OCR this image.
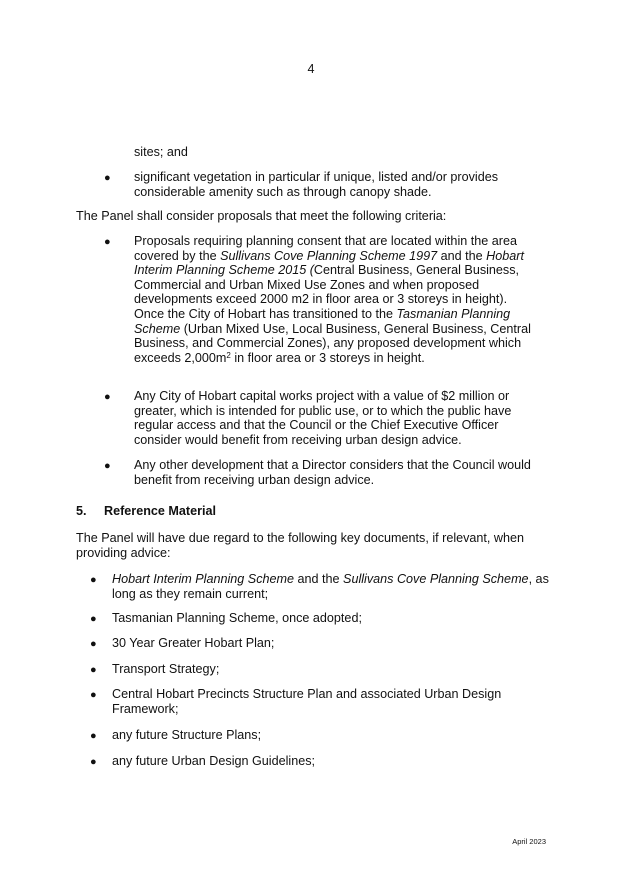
4
sites; and
● significant vegetation in particular if unique, listed and/or provides considerable amenity such as through canopy shade.

The Panel shall consider proposals that meet the following criteria:

● Proposals requiring planning consent that are located within the area covered by the Sullivans Cove Planning Scheme 1997 and the Hobart Interim Planning Scheme 2015 (Central Business, General Business, Commercial and Urban Mixed Use Zones and when proposed developments exceed 2000 m2 in floor area or 3 storeys in height). Once the City of Hobart has transitioned to the Tasmanian Planning Scheme (Urban Mixed Use, Local Business, General Business, Central Business, and Commercial Zones), any proposed development which exceeds $2,000m^2$ in floor area or 3 storeys in height.
● Any City of Hobart capital works project with a value of $2 million or greater, which is intended for public use, or to which the public have regular access and that the Council or the Chief Executive Officer consider would benefit from receiving urban design advice.
● Any other development that a Director considers that the Council would benefit from receiving urban design advice.
5. Reference Material

The Panel will have due regard to the following key documents, if relevant, when providing advice:

● Hobart Interim Planning Scheme and the Sullivans Cove Planning Scheme, as long as they remain current;
● Tasmanian Planning Scheme, once adopted;
● 30 Year Greater Hobart Plan;
● Transport Strategy;
● Central Hobart Precincts Structure Plan and associated Urban Design Framework;
● any future Structure Plans;
● any future Urban Design Guidelines;
April 2023
